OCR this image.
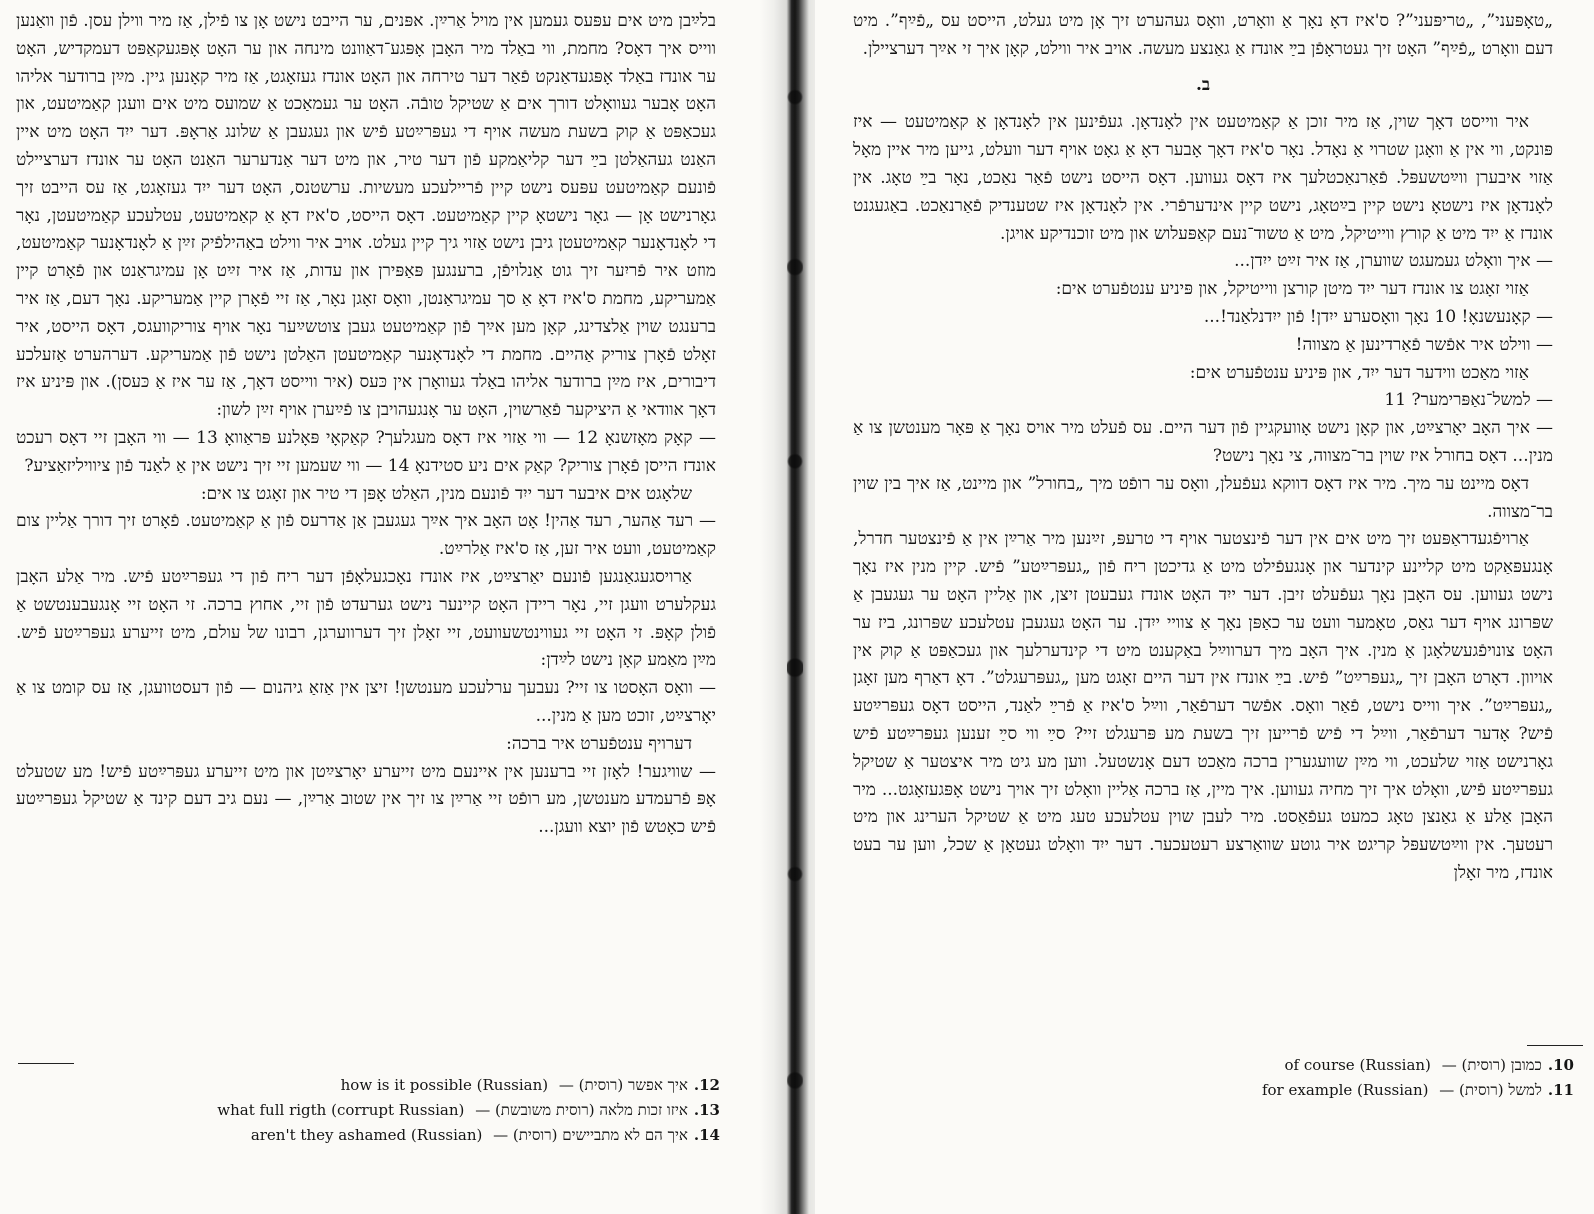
בלײַבן מיט אים עפּעס געמען אין מויל אַרײַן. אפּנים, ער הייבט נישט אָן צו פֿילן, אַז מיר ווילן עסן. פֿון וואַנען ווייס איך דאָס? מחמת, ווי באַלד מיר האָבן אָפּגע־דאַוונט מינחה און ער האָט אָפּגעקאַפּט דעמקדיש, האָט ער אונדז באַלד אָפּגעדאַנקט פֿאַר דער טירחה און האָט אונדז געזאָגט, אַז מיר קאָנען גיין. מײַן ברודער אליהו האָט אָבער געוואָלט דורך אים אַ שטיקל טובֿה. האָט ער געמאַכט אַ שמועס מיט אים וועגן קאַמיטעט, און געכאַפּט אַ קוק בשעת מעשה אויף די געפּרײַטע פֿיש און געגעבן אַ שלונג אַראָפּ. דער ייִד האָט מיט איין האַנט געהאַלטן בײַ דער קליאַמקע פֿון דער טיר, און מיט דער אַנדערער האַנט האָט ער אונדז דערציילט פֿונעם קאַמיטעט עפּעס נישט קיין פֿריילעכע מעשיות. ערשטנס, האָט דער ייִד געזאָגט, אַז עס הייבט זיך גאָרנישט אָן — גאָר נישטאָ קיין קאַמיטעט. דאָס הייסט, ס'איז דאָ אַ קאַמיטעט, עטלעכע קאַמיטעטן, נאָר די לאָנדאָנער קאַמיטעטן גיבן נישט אַזוי גיך קיין געלט. אויב איר ווילט באַהילפֿיק זײַן אַ לאָנדאָנער קאַמיטעט, מוזט איר פֿריִער זיך גוט אַנלויפֿן, ברענגען פּאַפּירן און עדות, אַז איר זײַט אָן עמיגראַנט און פֿאָרט קיין אַמעריקע, מחמת ס'איז דאָ אַ סך עמיגראַנטן, וואָס זאָגן נאָר, אַז זיי פֿאָרן קיין אַמעריקע. נאָך דעם, אַז איר ברענגט שוין אַלצדינג, קאָן מען אײַך פֿון קאַמיטעט געבן צוטשײַער נאָר אויף צוריקוועגס, דאָס הייסט, איר זאָלט פֿאָרן צוריק אַהיים. מחמת די לאָנדאָנער קאַמיטעטן האַלטן נישט פֿון אַמעריקע. דערהערט אַזעלכע דיבורים, איז מײַן ברודער אליהו באַלד געוואָרן אין כּעס (איר ווייסט דאָך, אַז ער איז אַ כּעסן). און פּיניע איז דאָך אוודאי אַ היציקער פֿאַרשוין, האָט ער אָנגעהויבן צו פֿײַערן אויף זײַן לשון:

— קאָק מאָזשנאָ 12 — ווי אַזוי איז דאָס מעגלעך? קאַקאָי פּאָלנע פּראַוואָ 13 — ווי האָבן זיי דאָס רעכט אונדז הייסן פֿאָרן צוריק? קאַק אים ניע סטידנאָ 14 — ווי שעמען זיי זיך נישט אין אַ לאַנד פֿון ציוויליזאַציע?

שלאָגט אים איבער דער ייִד פֿונעם מנין, האַלט אָפּן די טיר און זאָגט צו אים:

— רעד אַהער, רעד אַהין! אָט האָב איך אײַך געגעבן אַן אַדרעס פֿון אַ קאַמיטעט. פֿאָרט זיך דורך אַליין צום קאַמיטעט, וועט איר זען, אַז ס'איז אַלרײַט.

אַרויסגעגאַנגען פֿונעם יאַרצײַט, איז אונדז נאָכגעלאָפֿן דער ריח פֿון די געפּרײַטע פֿיש. מיר אַלע האָבן געקלערט וועגן זיי, נאָר ריידן האָט קיינער נישט גערעדט פֿון זיי, אחוץ ברכה. זי האָט זיי אָנגעבענטשט אַ פֿולן קאָפּ. זי האָט זיי געווינטשעוועט, זיי זאָלן זיך דערווערגן, רבונו של עולם, מיט זייערע געפּרײַטע פֿיש. מײַן מאַמע קאָן נישט לײַדן:

— וואָס האָסטו צו זיי? נעבעך ערלעכע מענטשן! זיצן אין אַזאַ גיהנום — פֿון דעסטוועגן, אַז עס קומט צו אַ יאָרצײַט, זוכט מען אַ מנין...

דערויף ענטפֿערט איר ברכה:

— שוויגער! לאָזן זיי ברענען אין איינעם מיט זייערע יאָרצײַטן און מיט זייערע געפּרײַטע פֿיש! מע שטעלט אָפּ פֿרעמדע מענטשן, מע רופֿט זיי אַרײַן צו זיך אין שטוב אַרײַן, — נעם גיב דעם קינד אַ שטיקל געפּרײַטע פֿיש כאָטש פֿון יוצא וועגן...

how is it possible (Russian) איך אפשר (רוסית) — .12
what full rigth (corrupt Russian) איזו זכות מלאה (רוסית משובשת) — .13
aren't they ashamed (Russian) איך הם לא מתביישים (רוסית) — .14

„טאָפּעני”, „טריפּעני”? ס'איז דאָ נאָך אַ וואָרט, וואָס געהערט זיך אָן מיט געלט, הייסט עס „פֿײַף”. מיט דעם וואָרט „פֿײַף” האָט זיך געטראָפֿן בײַ אונדז אַ גאַנצע מעשה. אויב איר ווילט, קאָן איך זי אײַך דערציילן.

ב.

איר ווייסט דאָך שוין, אַז מיר זוכן אַ קאַמיטעט אין לאָנדאָן. געפֿינען אין לאָנדאָן אַ קאַמיטעט — איז פּונקט, ווי אין אַ וואָגן שטרוי אַ נאָדל. נאָר ס'איז דאָך אָבער דאָ אַ גאָט אויף דער וועלט, גייען מיר איין מאָל אַזוי איבערן ווײַטשעפּל. פֿאַרנאַכטלעך איז דאָס געווען. דאָס הייסט נישט פֿאַר נאַכט, נאָר בײַ טאָג. אין לאָנדאָן איז נישטאָ נישט קיין בײַטאָג, נישט קיין אינדערפֿרי. אין לאָנדאָן איז שטענדיק פֿאַרנאַכט. באַגעגנט אונדז אַ ייִד מיט אַ קורץ ווייטיקל, מיט אַ טשוד־נעם קאַפּעלוש און מיט זוכנדיקע אויגן.

— איך וואָלט געמעגט שווערן, אַז איר זײַט ייִדן...

אַזוי זאָגט צו אונדז דער ייִד מיטן קורצן ווייטיקל, און פּיניע ענטפֿערט אים:

— קאָנעשנאָ! 10 נאָך וואָסערע ייִדן! פֿון ייִדנלאַנד!...

— ווילט איר אפֿשר פֿאַרדינען אַ מצווה!

אַזוי מאַכט ווידער דער ייִד, און פּיניע ענטפֿערט אים:

— למשל־נאַפּרימער? 11

— איך האָב יאָרצײַט, און קאָן נישט אָוועקגיין פֿון דער היים. עס פֿעלט מיר אויס נאָך אַ פּאָר מענטשן צו אַ מנין... דאָס בחורל איז שוין בר־מצווה, צי נאָך נישט?

דאָס מיינט ער מיך. מיר איז דאָס דווקא געפֿעלן, וואָס ער רופֿט מיך „בחורל” און מיינט, אַז איך בין שוין בר־מצווה.

אַרויפֿגעדראַפּעט זיך מיט אים אין דער פֿינצטער אויף די טרעפּ, זײַנען מיר אַרײַן אין אַ פֿינצטער חדרל, אָנגעפּאַקט מיט קליינע קינדער און אָנגעפֿילט מיט אַ גדיכטן ריח פֿון „געפּרײַטע” פֿיש. קיין מנין איז נאָך נישט געווען. עס האָבן נאָך געפֿעלט זיבן. דער ייִד האָט אונדז געבעטן זיצן, און אַליין האָט ער געגעבן אַ שפּרונג אויף דער גאַס, טאָמער וועט ער כאַפּן נאָך אַ צוויי ייִדן. ער האָט געגעבן עטלעכע שפּרונג, ביז ער האָט צונויפֿגעשלאָגן אַ מנין. איך האָב מיך דערווײַל באַקענט מיט די קינדערלעך און געכאַפּט אַ קוק אין אויוון. דאָרט האָבן זיך „געפּרײַט” פֿיש. בײַ אונדז אין דער היים זאָגט מען „געפּרעגלט”. דאָ דאַרף מען זאָגן „געפּרײַט”. איך ווייס נישט, פֿאַר וואָס. אפֿשר דערפֿאַר, ווײַל ס'איז אַ פֿרײַ לאַנד, הייסט דאָס געפּרײַטע פֿיש? אָדער דערפֿאַר, ווײַל די פֿיש פֿרייען זיך בשעת מע פּרעגלט זיי? סײַ ווי סײַ זענען געפּרײַטע פֿיש גאָרנישט אַזוי שלעכט, ווי מײַן שוועגערין ברכה מאַכט דעם אָנשטעל. ווען מע גיט מיר איצטער אַ שטיקל געפּרײַטע פֿיש, וואָלט איך זיך מחיה געווען. איך מיין, אַז ברכה אַליין וואָלט זיך אויך נישט אָפּגעזאָגט... מיר האָבן אַלע אַ גאַנצן טאָג כמעט געפֿאַסט. מיר לעבן שוין עטלעכע טעג מיט אַ שטיקל הערינג און מיט רעטעך. אין ווײַטשעפּל קריגט איר גוטע שוואַרצע רעטעכער. דער ייִד וואָלט געטאָן אַ שכל, ווען ער בעט אונדז, מיר זאָלן

of course (Russian) כמובן (רוסית) — .10
for example (Russian) למשל (רוסית) — .11
